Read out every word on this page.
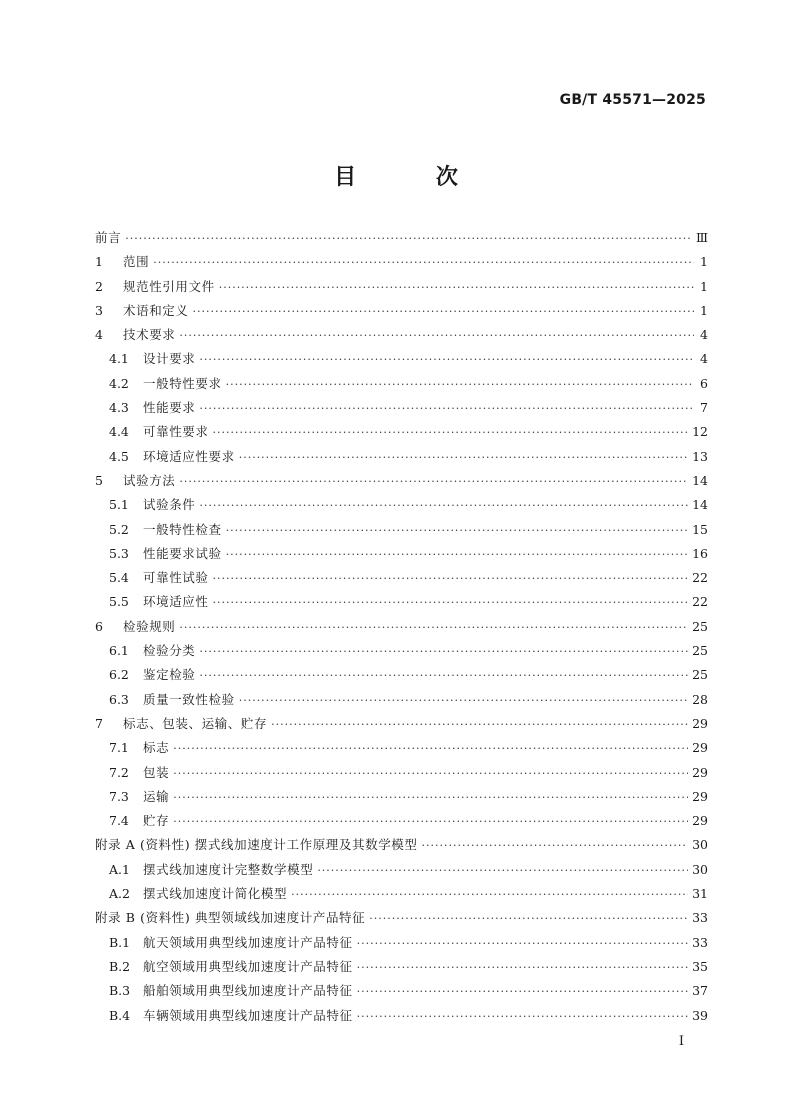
GB/T 45571—2025
目 次
前言 ·····	Ⅲ
1	范围 ·····	1
2	规范性引用文件 ·····	1
3	术语和定义 ·····	1
4	技术要求 ·····	4
4.1	设计要求 ·····	4
4.2	一般特性要求 ·····	6
4.3	性能要求 ·····	7
4.4	可靠性要求 ·····	12
4.5	环境适应性要求 ·····	13
5	试验方法 ·····	14
5.1	试验条件 ·····	14
5.2	一般特性检查 ·····	15
5.3	性能要求试验 ·····	16
5.4	可靠性试验 ·····	22
5.5	环境适应性 ·····	22
6	检验规则 ·····	25
6.1	检验分类 ·····	25
6.2	鉴定检验 ·····	25
6.3	质量一致性检验 ·····	28
7	标志、包装、运输、贮存 ·····	29
7.1	标志 ·····	29
7.2	包装 ·····	29
7.3	运输 ·····	29
7.4	贮存 ·····	29
附录 A (资料性) 摆式线加速度计工作原理及其数学模型 ·····	30
A.1 摆式线加速度计完整数学模型 ·····	30
A.2 摆式线加速度计简化模型 ·····	31
附录 B (资料性) 典型领域线加速度计产品特征 ·····	33
B.1 航天领域用典型线加速度计产品特征 ·····	33
B.2 航空领域用典型线加速度计产品特征 ·····	35
B.3 船舶领域用典型线加速度计产品特征 ·····	37
B.4 车辆领域用典型线加速度计产品特征 ·····	39
I
